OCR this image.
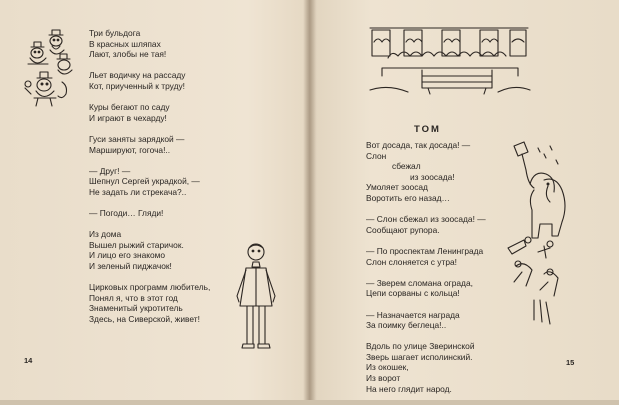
Три бульдога
В красных шляпах
Лают, злобы не тая!

Льет водичку на рассаду
Кот, приученный к труду!

Куры бегают по саду
И играют в чехарду!

Гуси заняты зарядкой —
Маршируют, гогоча!..

— Друг! —
Шепнул Сергей украдкой, —
Не задать ли стрекача?..

— Погоди… Гляди!

Из дома
Вышел рыжий старичок.
И лицо его знакомо
И зеленый пиджачок!

Цирковых программ любитель,
Понял я, что в этот год
Знаменитый укротитель
Здесь, на Сиверской, живет!

14
ТОМ

Вот досада, так досада! —
Слон
сбежал
из зоосада!
Умоляет зоосад
Воротить его назад…

— Слон сбежал из зоосада! —
Сообщают рупора.

— По проспектам Ленинграда
Слон слоняется с утра!

— Зверем сломана ограда,
Цепи сорваны с кольца!

— Назначается награда
За поимку беглеца!..

Вдоль по улице Зверинской
Зверь шагает исполинский.
Из окошек,
Из ворот
На него глядит народ.

15
